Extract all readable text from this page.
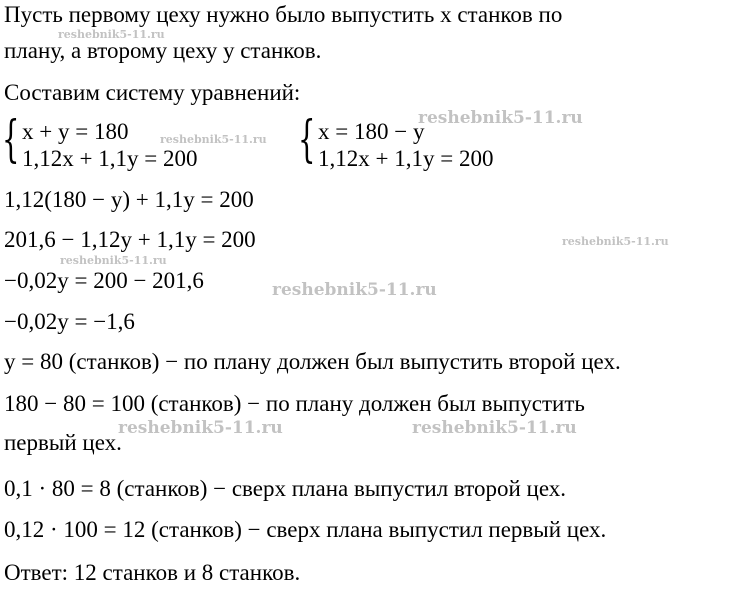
Пусть первому цеху нужно было выпустить x станков по
плану, а второму цеху y станков.
Составим систему уравнений:
{ x + y = 180
1,12x + 1,1y = 200 { x = 180 − y
1,12x + 1,1y = 200
1,12(180 − y) + 1,1y = 200
201,6 − 1,12y + 1,1y = 200
−0,02y = 200 − 201,6
−0,02y = −1,6
y = 80 (станков) − по плану должен был выпустить второй цех.
180 − 80 = 100 (станков) − по плану должен был выпустить
первый цех.
0,1 · 80 = 8 (станков) − сверх плана выпустил второй цех.
0,12 · 100 = 12 (станков) − сверх плана выпустил первый цех.
Ответ: 12 станков и 8 станков.
reshebnik5-11.ru
reshebnik5-11.ru
reshebnik5-11.ru
reshebnik5-11.ru
reshebnik5-11.ru
reshebnik5-11.ru
reshebnik5-11.ru	reshebnik5-11.ru
